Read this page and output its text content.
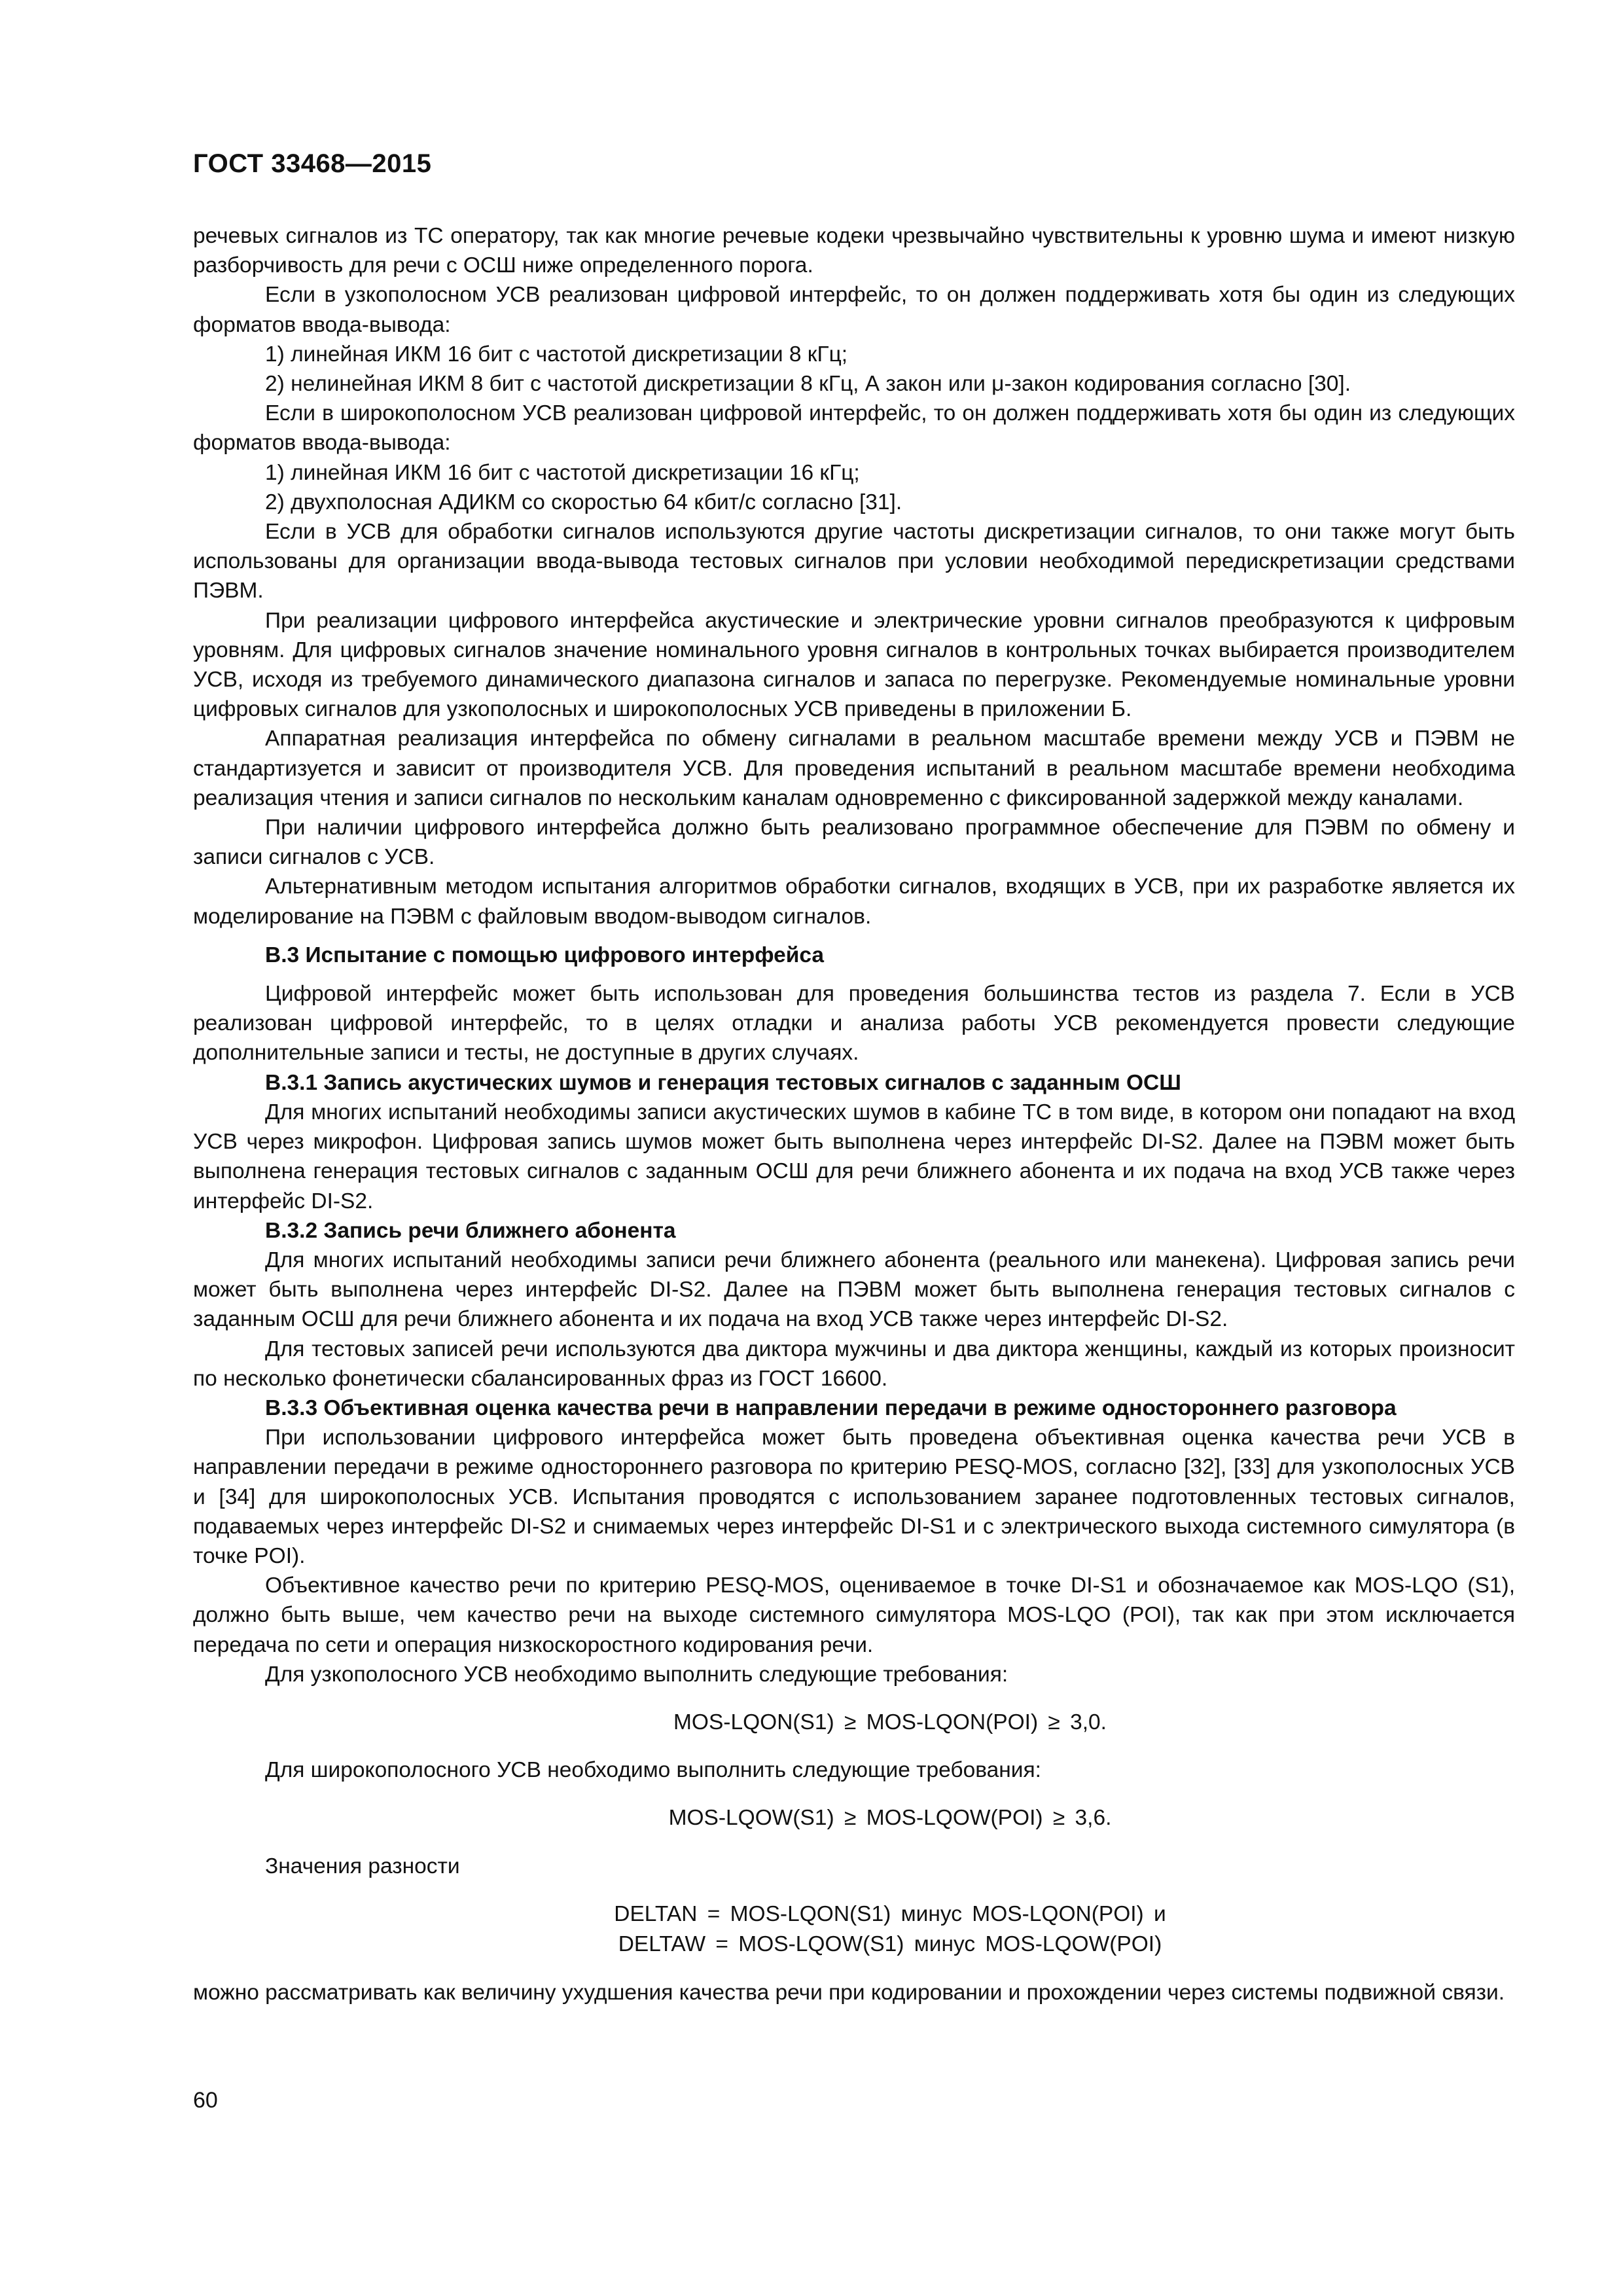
ГОСТ 33468—2015

речевых сигналов из ТС оператору, так как многие речевые кодеки чрезвычайно чувствительны к уровню шума и имеют низкую разборчивость для речи с ОСШ ниже определенного порога.

Если в узкополосном УСВ реализован цифровой интерфейс, то он должен поддерживать хотя бы один из следующих форматов ввода-вывода:

1) линейная ИКМ 16 бит с частотой дискретизации 8 кГц;

2) нелинейная ИКМ 8 бит с частотой дискретизации 8 кГц, А закон или μ-закон кодирования согласно [30].

Если в широкополосном УСВ реализован цифровой интерфейс, то он должен поддерживать хотя бы один из следующих форматов ввода-вывода:

1) линейная ИКМ 16 бит с частотой дискретизации 16 кГц;

2) двухполосная АДИКМ со скоростью 64 кбит/с согласно [31].

Если в УСВ для обработки сигналов используются другие частоты дискретизации сигналов, то они также могут быть использованы для организации ввода-вывода тестовых сигналов при условии необходимой передискретизации средствами ПЭВМ.

При реализации цифрового интерфейса акустические и электрические уровни сигналов преобразуются к цифровым уровням. Для цифровых сигналов значение номинального уровня сигналов в контрольных точках выбирается производителем УСВ, исходя из требуемого динамического диапазона сигналов и запаса по перегрузке. Рекомендуемые номинальные уровни цифровых сигналов для узкополосных и широкополосных УСВ приведены в приложении Б.

Аппаратная реализация интерфейса по обмену сигналами в реальном масштабе времени между УСВ и ПЭВМ не стандартизуется и зависит от производителя УСВ. Для проведения испытаний в реальном масштабе времени необходима реализация чтения и записи сигналов по нескольким каналам одновременно с фиксированной задержкой между каналами.

При наличии цифрового интерфейса должно быть реализовано программное обеспечение для ПЭВМ по обмену и записи сигналов с УСВ.

Альтернативным методом испытания алгоритмов обработки сигналов, входящих в УСВ, при их разработке является их моделирование на ПЭВМ с файловым вводом-выводом сигналов.

В.3 Испытание с помощью цифрового интерфейса

Цифровой интерфейс может быть использован для проведения большинства тестов из раздела 7. Если в УСВ реализован цифровой интерфейс, то в целях отладки и анализа работы УСВ рекомендуется провести следующие дополнительные записи и тесты, не доступные в других случаях.

В.3.1 Запись акустических шумов и генерация тестовых сигналов с заданным ОСШ

Для многих испытаний необходимы записи акустических шумов в кабине ТС в том виде, в котором они попадают на вход УСВ через микрофон. Цифровая запись шумов может быть выполнена через интерфейс DI-S2. Далее на ПЭВМ может быть выполнена генерация тестовых сигналов с заданным ОСШ для речи ближнего абонента и их подача на вход УСВ также через интерфейс DI-S2.

В.3.2 Запись речи ближнего абонента

Для многих испытаний необходимы записи речи ближнего абонента (реального или манекена). Цифровая запись речи может быть выполнена через интерфейс DI-S2. Далее на ПЭВМ может быть выполнена генерация тестовых сигналов с заданным ОСШ для речи ближнего абонента и их подача на вход УСВ также через интерфейс DI-S2.

Для тестовых записей речи используются два диктора мужчины и два диктора женщины, каждый из которых произносит по несколько фонетически сбалансированных фраз из ГОСТ 16600.

В.3.3 Объективная оценка качества речи в направлении передачи в режиме одностороннего разговора

При использовании цифрового интерфейса может быть проведена объективная оценка качества речи УСВ в направлении передачи в режиме одностороннего разговора по критерию PESQ-MOS, согласно [32], [33] для узкополосных УСВ и [34] для широкополосных УСВ. Испытания проводятся с использованием заранее подготовленных тестовых сигналов, подаваемых через интерфейс DI-S2 и снимаемых через интерфейс DI-S1 и с электрического выхода системного симулятора (в точке POI).

Объективное качество речи по критерию PESQ-MOS, оцениваемое в точке DI-S1 и обозначаемое как MOS-LQO (S1), должно быть выше, чем качество речи на выходе системного симулятора MOS-LQO (POI), так как при этом исключается передача по сети и операция низкоскоростного кодирования речи.

Для узкополосного УСВ необходимо выполнить следующие требования:

MOS-LQON(S1) ≥ MOS-LQON(POI) ≥ 3,0.

Для широкополосного УСВ необходимо выполнить следующие требования:

MOS-LQOW(S1) ≥ MOS-LQOW(POI) ≥ 3,6.

Значения разности

DELTAN = MOS-LQON(S1) минус MOS-LQON(POI) и
DELTAW = MOS-LQOW(S1) минус MOS-LQOW(POI)

можно рассматривать как величину ухудшения качества речи при кодировании и прохождении через системы подвижной связи.

60
